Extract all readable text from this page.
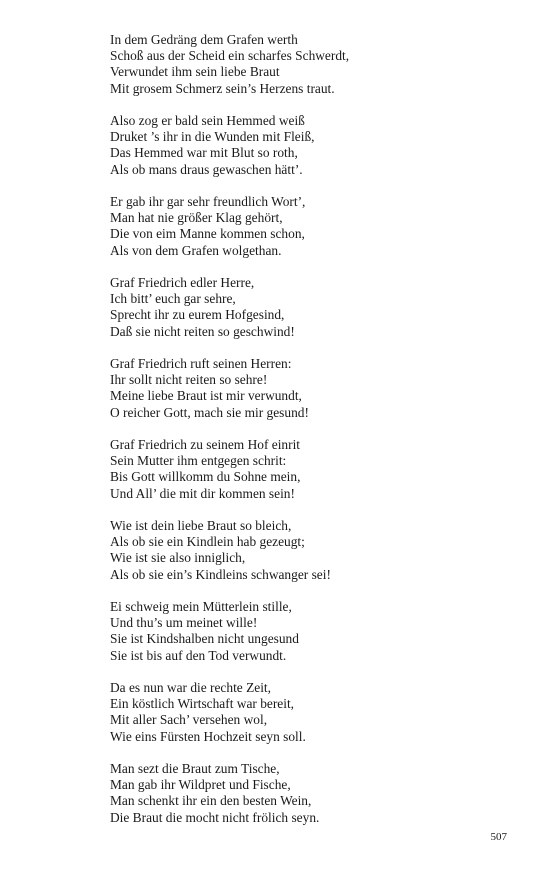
In dem Gedräng dem Grafen werth
Schoß aus der Scheid ein scharfes Schwerdt,
Verwundet ihm sein liebe Braut
Mit grosem Schmerz sein’s Herzens traut.
Also zog er bald sein Hemmed weiß
Druket ’s ihr in die Wunden mit Fleiß,
Das Hemmed war mit Blut so roth,
Als ob mans draus gewaschen hätt’.
Er gab ihr gar sehr freundlich Wort’,
Man hat nie größer Klag gehört,
Die von eim Manne kommen schon,
Als von dem Grafen wolgethan.
Graf Friedrich edler Herre,
Ich bitt’ euch gar sehre,
Sprecht ihr zu eurem Hofgesind,
Daß sie nicht reiten so geschwind!
Graf Friedrich ruft seinen Herren:
Ihr sollt nicht reiten so sehre!
Meine liebe Braut ist mir verwundt,
O reicher Gott, mach sie mir gesund!
Graf Friedrich zu seinem Hof einrit
Sein Mutter ihm entgegen schrit:
Bis Gott willkomm du Sohne mein,
Und All’ die mit dir kommen sein!
Wie ist dein liebe Braut so bleich,
Als ob sie ein Kindlein hab gezeugt;
Wie ist sie also inniglich,
Als ob sie ein’s Kindleins schwanger sei!
Ei schweig mein Mütterlein stille,
Und thu’s um meinet wille!
Sie ist Kindshalben nicht ungesund
Sie ist bis auf den Tod verwundt.
Da es nun war die rechte Zeit,
Ein köstlich Wirtschaft war bereit,
Mit aller Sach’ versehen wol,
Wie eins Fürsten Hochzeit seyn soll.
Man sezt die Braut zum Tische,
Man gab ihr Wildpret und Fische,
Man schenkt ihr ein den besten Wein,
Die Braut die mocht nicht frölich seyn.
507
